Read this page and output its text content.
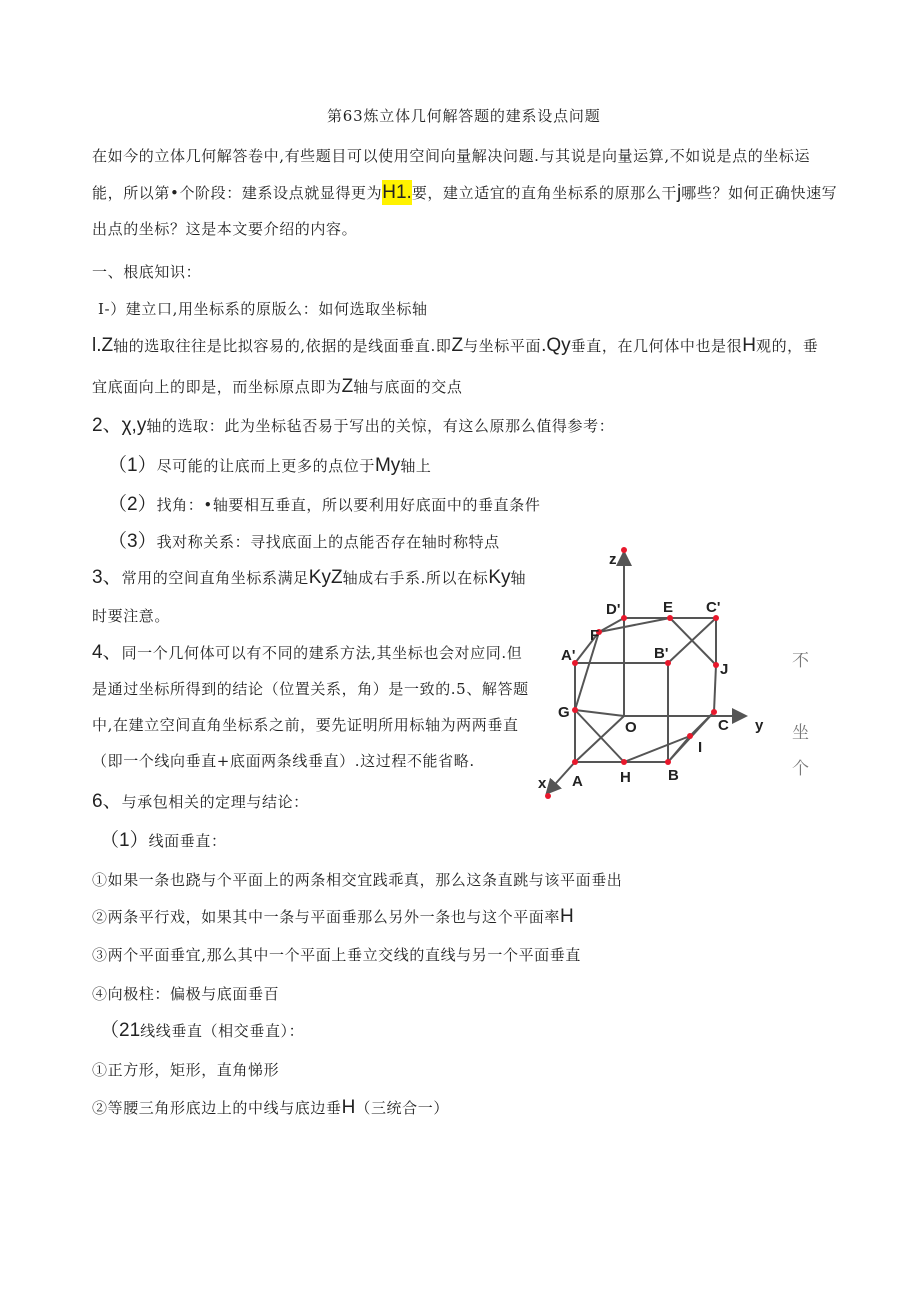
第63炼立体几何解答题的建系设点问题
在如今的立体几何解答卷中,有些题目可以使用空间向量解决问题.与其说是向量运算,不如说是点的坐标运
能，所以第•个阶段：建系设点就显得更为H1.要，建立适宜的直角坐标系的原那么干j哪些？如何正确快速写
出点的坐标？这是本文要介绍的内容。
一、根底知识：
I-）建立口,用坐标系的原版么：如何选取坐标轴
l.Z轴的选取往往是比拟容易的,依据的是线面垂直.即Z与坐标平面.Qy垂直，在几何体中也是很H观的，垂
宜底面向上的即是，而坐标原点即为Z轴与底面的交点
2、χ,y轴的选取：此为坐标毡否易于写出的关惊，有这么原那么值得参考：
（1）尽可能的让底而上更多的点位于My轴上
（2）找角：•轴要相互垂直，所以要利用好底面中的垂直条件
（3）我对称关系：寻找底面上的点能否存在轴时称特点
3、常用的空间直角坐标系满足KyZ轴成右手系.所以在标Ky轴
时要注意。
4、同一个几何体可以有不同的建系方法,其坐标也会对应同.但
是通过坐标所得到的结论（位置关系，角）是一致的.5、解答题
中,在建立空间直角坐标系之前，要先证明所用标轴为两两垂直
（即一个线向垂直+底面两条线垂直）.这过程不能省略.
6、与承包相关的定理与结论：
（1）线面垂直：
①如果一条也跷与个平面上的两条相交宜践乖真，那么这条直跳与该平面垂出
②两条平行戏，如果其中一条与平面垂那么另外一条也与这个平面率H
③两个平面垂宜,那么其中一个平面上垂立交线的直线与另一个平面垂直
④向极柱：偏极与底面垂百
（21线线垂直（相交垂直）：
①正方形，矩形，直角悌形
②等腰三角形底边上的中线与底边垂H（三统合一）
z
y
x
D'	E C'
A'
F
B'
J
G
O	C
I
A H B
不
坐
个
